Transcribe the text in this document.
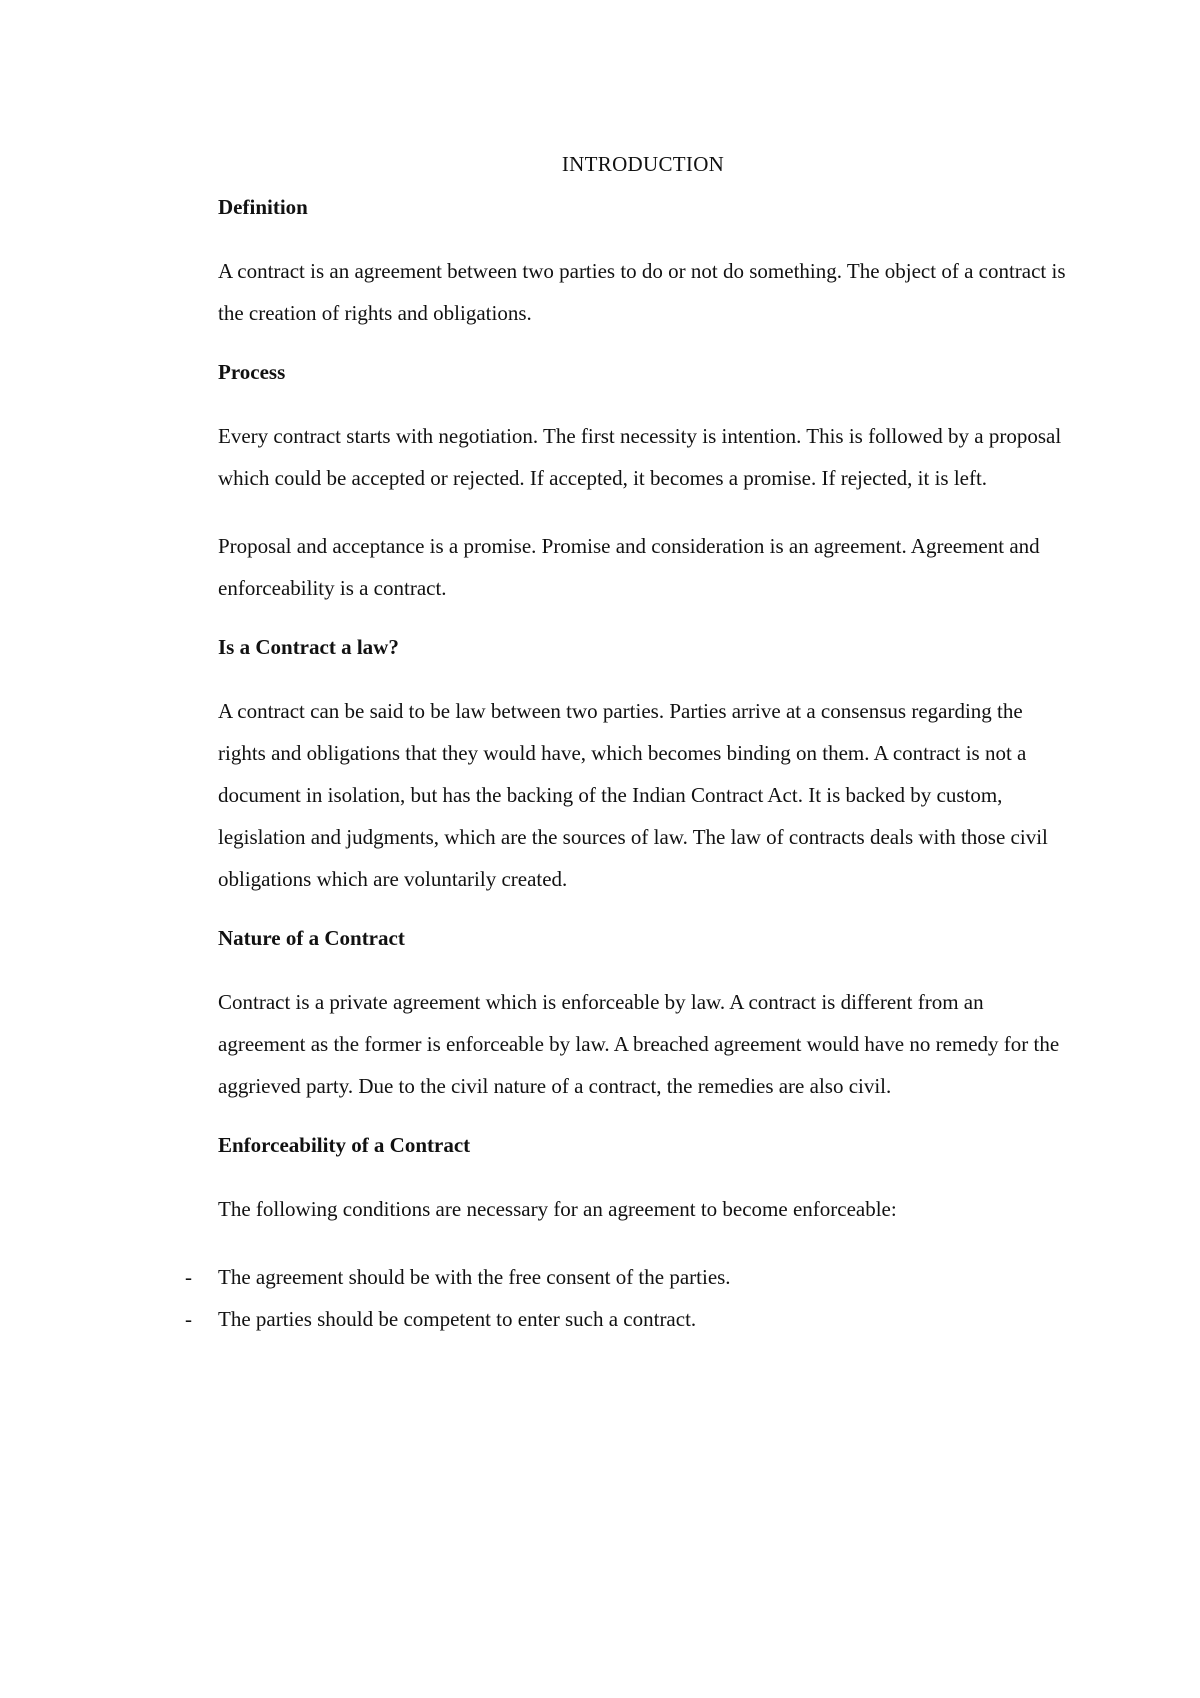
INTRODUCTION
Definition

A contract is an agreement between two parties to do or not do something. The object of a contract is the creation of rights and obligations.

Process

Every contract starts with negotiation. The first necessity is intention. This is followed by a proposal which could be accepted or rejected. If accepted, it becomes a promise. If rejected, it is left.

Proposal and acceptance is a promise. Promise and consideration is an agreement. Agreement and enforceability is a contract.

Is a Contract a law?

A contract can be said to be law between two parties. Parties arrive at a consensus regarding the rights and obligations that they would have, which becomes binding on them. A contract is not a document in isolation, but has the backing of the Indian Contract Act. It is backed by custom, legislation and judgments, which are the sources of law. The law of contracts deals with those civil obligations which are voluntarily created.

Nature of a Contract

Contract is a private agreement which is enforceable by law. A contract is different from an agreement as the former is enforceable by law. A breached agreement would have no remedy for the aggrieved party. Due to the civil nature of a contract, the remedies are also civil.

Enforceability of a Contract

The following conditions are necessary for an agreement to become enforceable:

- The agreement should be with the free consent of the parties.
- The parties should be competent to enter such a contract.
